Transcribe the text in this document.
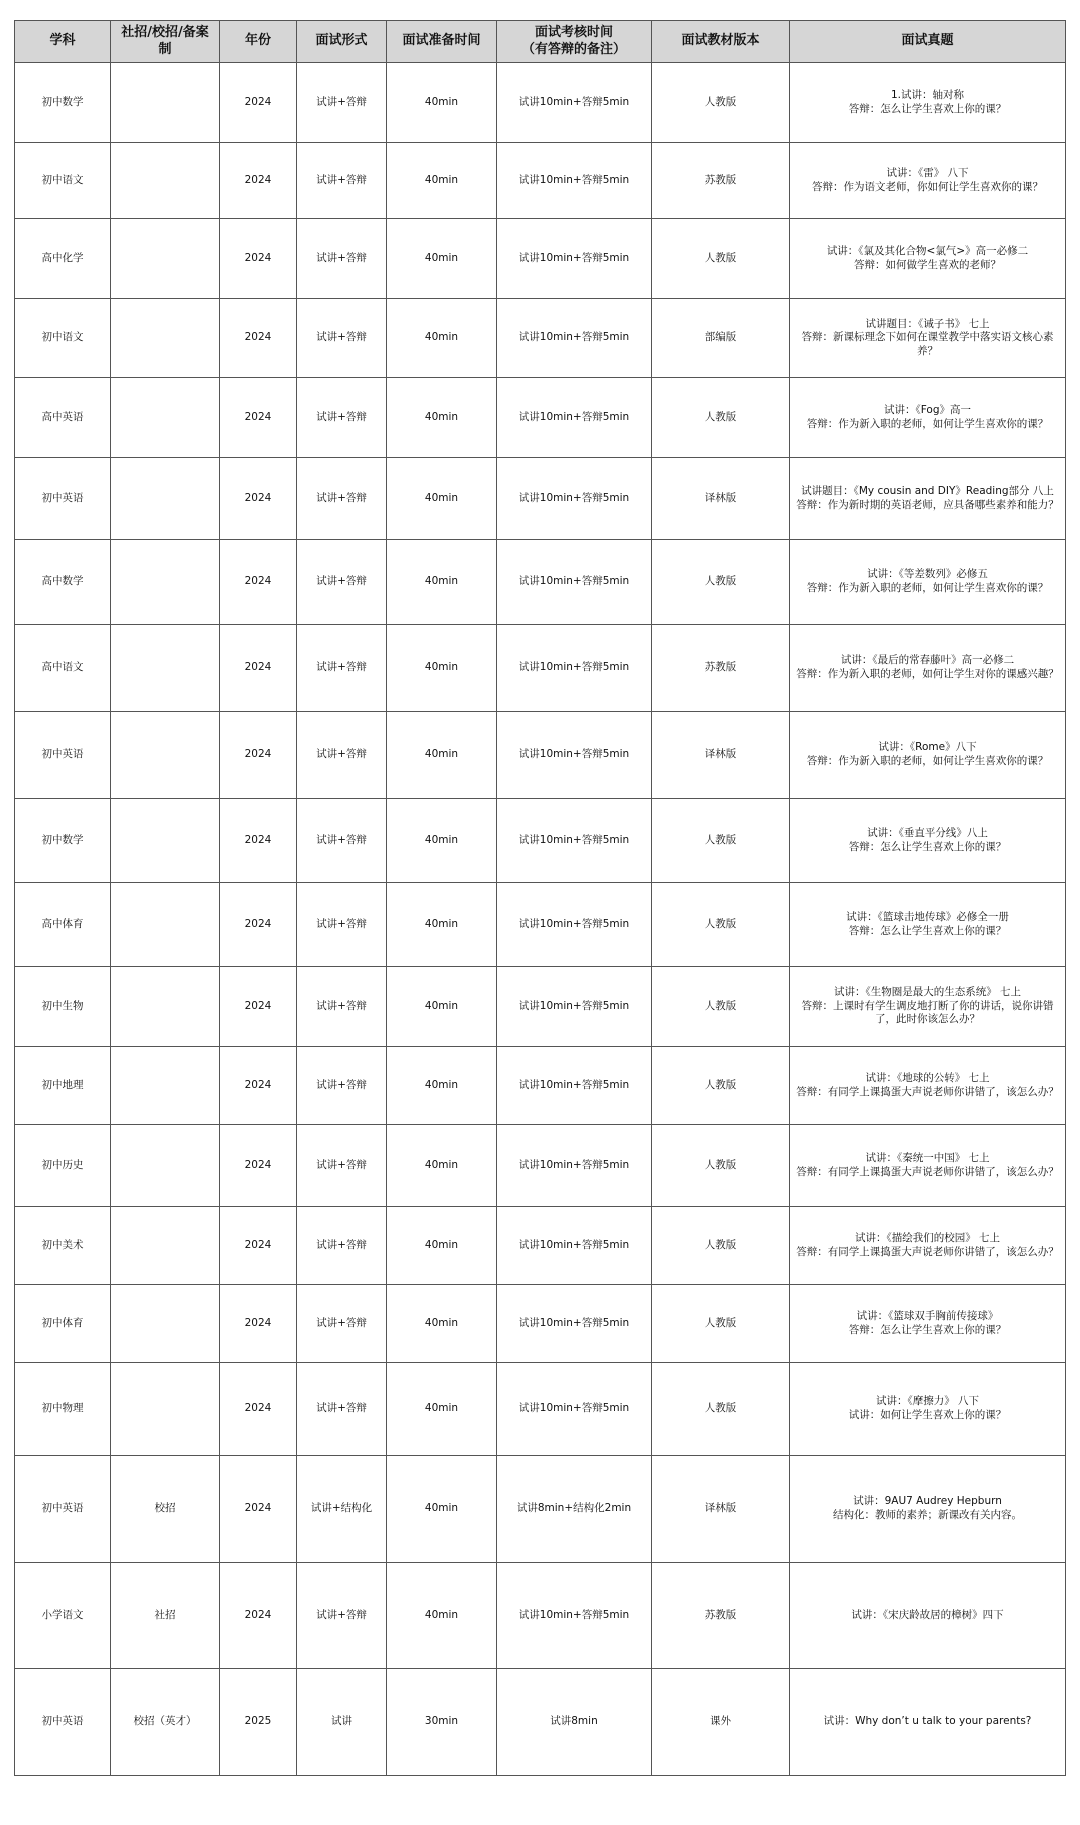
学科	社招/校招/备案制	年份	面试形式	面试准备时间	面试考核时间
（有答辩的备注）	面试教材版本	面试真题
初中数学		2024	试讲+答辩	40min	试讲10min+答辩5min	人教版	1.试讲：轴对称
答辩：怎么让学生喜欢上你的课？
初中语文		2024	试讲+答辩	40min	试讲10min+答辩5min	苏教版	试讲：《雷》 八下
答辩：作为语文老师，你如何让学生喜欢你的课？
高中化学		2024	试讲+答辩	40min	试讲10min+答辩5min	人教版	试讲：《氯及其化合物<氯气>》高一必修二
答辩：如何做学生喜欢的老师？
初中语文		2024	试讲+答辩	40min	试讲10min+答辩5min	部编版	试讲题目：《诫子书》 七上
答辩：新课标理念下如何在课堂教学中落实语文核心素养？
高中英语		2024	试讲+答辩	40min	试讲10min+答辩5min	人教版	试讲：《Fog》高一
答辩：作为新入职的老师，如何让学生喜欢你的课？
初中英语		2024	试讲+答辩	40min	试讲10min+答辩5min	译林版	试讲题目：《My cousin and DIY》Reading部分 八上
答辩：作为新时期的英语老师，应具备哪些素养和能力？
高中数学		2024	试讲+答辩	40min	试讲10min+答辩5min	人教版	试讲：《等差数列》必修五
答辩：作为新入职的老师，如何让学生喜欢你的课？
高中语文		2024	试讲+答辩	40min	试讲10min+答辩5min	苏教版	试讲：《最后的常春藤叶》高一必修二
答辩：作为新入职的老师，如何让学生对你的课感兴趣？
初中英语		2024	试讲+答辩	40min	试讲10min+答辩5min	译林版	试讲：《Rome》八下
答辩：作为新入职的老师，如何让学生喜欢你的课？
初中数学		2024	试讲+答辩	40min	试讲10min+答辩5min	人教版	试讲：《垂直平分线》八上
答辩：怎么让学生喜欢上你的课？
高中体育		2024	试讲+答辩	40min	试讲10min+答辩5min	人教版	试讲：《篮球击地传球》必修全一册
答辩：怎么让学生喜欢上你的课？
初中生物		2024	试讲+答辩	40min	试讲10min+答辩5min	人教版	试讲：《生物圈是最大的生态系统》 七上
答辩：上课时有学生调皮地打断了你的讲话，说你讲错了，此时你该怎么办？
初中地理		2024	试讲+答辩	40min	试讲10min+答辩5min	人教版	试讲：《地球的公转》 七上
答辩：有同学上课捣蛋大声说老师你讲错了，该怎么办？
初中历史		2024	试讲+答辩	40min	试讲10min+答辩5min	人教版	试讲：《秦统一中国》 七上
答辩：有同学上课捣蛋大声说老师你讲错了，该怎么办？
初中美术		2024	试讲+答辩	40min	试讲10min+答辩5min	人教版	试讲：《描绘我们的校园》 七上
答辩：有同学上课捣蛋大声说老师你讲错了，该怎么办？
初中体育		2024	试讲+答辩	40min	试讲10min+答辩5min	人教版	试讲：《篮球双手胸前传接球》
答辩：怎么让学生喜欢上你的课？
初中物理		2024	试讲+答辩	40min	试讲10min+答辩5min	人教版	试讲：《摩擦力》 八下
试讲：如何让学生喜欢上你的课？
初中英语	校招	2024	试讲+结构化	40min	试讲8min+结构化2min	译林版	试讲：9AU7 Audrey Hepburn
结构化：教师的素养；新课改有关内容。
小学语文	社招	2024	试讲+答辩	40min	试讲10min+答辩5min	苏教版	试讲：《宋庆龄故居的樟树》四下
初中英语	校招（英才）	2025	试讲	30min	试讲8min	课外	试讲：Why don’t u talk to your parents?
